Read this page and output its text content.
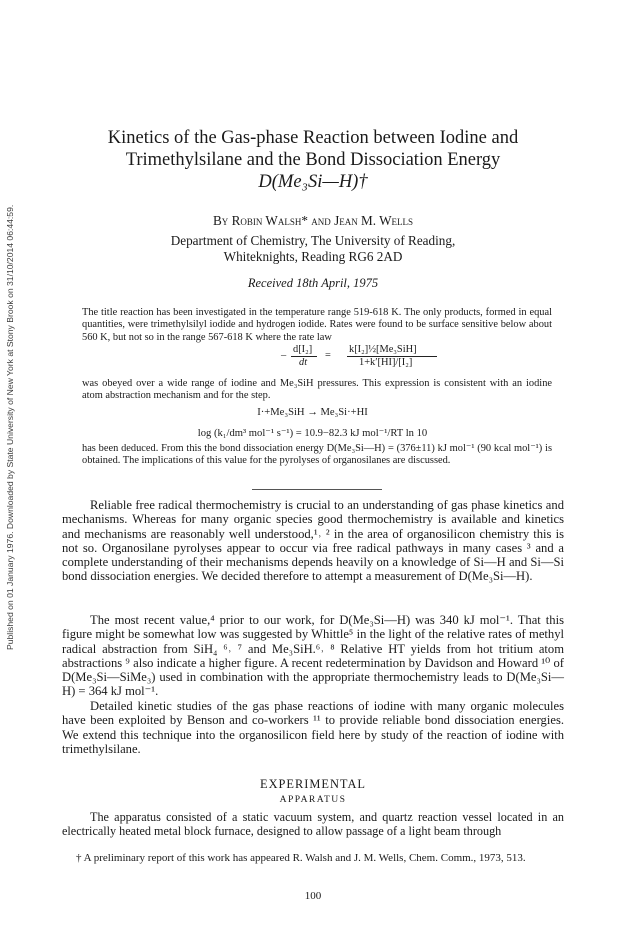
Published on 01 January 1976. Downloaded by State University of New York at Stony Brook on 31/10/2014 06:44:59.
Kinetics of the Gas-phase Reaction between Iodine and
Trimethylsilane and the Bond Dissociation Energy
D(Me₃Si—H)†
By Robin Walsh* and Jean M. Wells
Department of Chemistry, The University of Reading,
Whiteknights, Reading RG6 2AD
Received 18th April, 1975
The title reaction has been investigated in the temperature range 519-618 K. The only products, formed in equal quantities, were trimethylsilyl iodide and hydrogen iodide. Rates were found to be surface sensitive below about 560 K, but not so in the range 567-618 K where the rate law
–
d[I₂]
dt
=
k[I₂]½[Me₃SiH]
1+k′[HI]/[I₂]
was obeyed over a wide range of iodine and Me₃SiH pressures. This expression is consistent with an iodine atom abstraction mechanism and for the step.
I·+Me₃SiH → Me₃Si·+HI
log (k₁/dm³ mol⁻¹ s⁻¹) = 10.9−82.3 kJ mol⁻¹/RT ln 10
has been deduced. From this the bond dissociation energy D(Me₃Si—H) = (376±11) kJ mol⁻¹ (90 kcal mol⁻¹) is obtained. The implications of this value for the pyrolyses of organosilanes are discussed.
Reliable free radical thermochemistry is crucial to an understanding of gas phase kinetics and mechanisms. Whereas for many organic species good thermochemistry is available and kinetics and mechanisms are reasonably well understood,¹˒ ² in the area of organosilicon chemistry this is not so. Organosilane pyrolyses appear to occur via free radical pathways in many cases ³ and a complete understanding of their mechanisms depends heavily on a knowledge of Si—H and Si—Si bond dissociation energies. We decided therefore to attempt a measurement of D(Me₃Si—H).
The most recent value,⁴ prior to our work, for D(Me₃Si—H) was 340 kJ mol⁻¹. That this figure might be somewhat low was suggested by Whittle⁵ in the light of the relative rates of methyl radical abstraction from SiH₄ ⁶˒ ⁷ and Me₃SiH.⁶˒ ⁸ Relative HT yields from hot tritium atom abstractions ⁹ also indicate a higher figure. A recent redetermination by Davidson and Howard ¹⁰ of D(Me₃Si—SiMe₃) used in combination with the appropriate thermochemistry leads to D(Me₃Si—H) = 364 kJ mol⁻¹.
Detailed kinetic studies of the gas phase reactions of iodine with many organic molecules have been exploited by Benson and co-workers ¹¹ to provide reliable bond dissociation energies. We extend this technique into the organosilicon field here by study of the reaction of iodine with trimethylsilane.
EXPERIMENTAL
APPARATUS
The apparatus consisted of a static vacuum system, and quartz reaction vessel located in an electrically heated metal block furnace, designed to allow passage of a light beam through
† A preliminary report of this work has appeared R. Walsh and J. M. Wells, Chem. Comm., 1973, 513.
100
